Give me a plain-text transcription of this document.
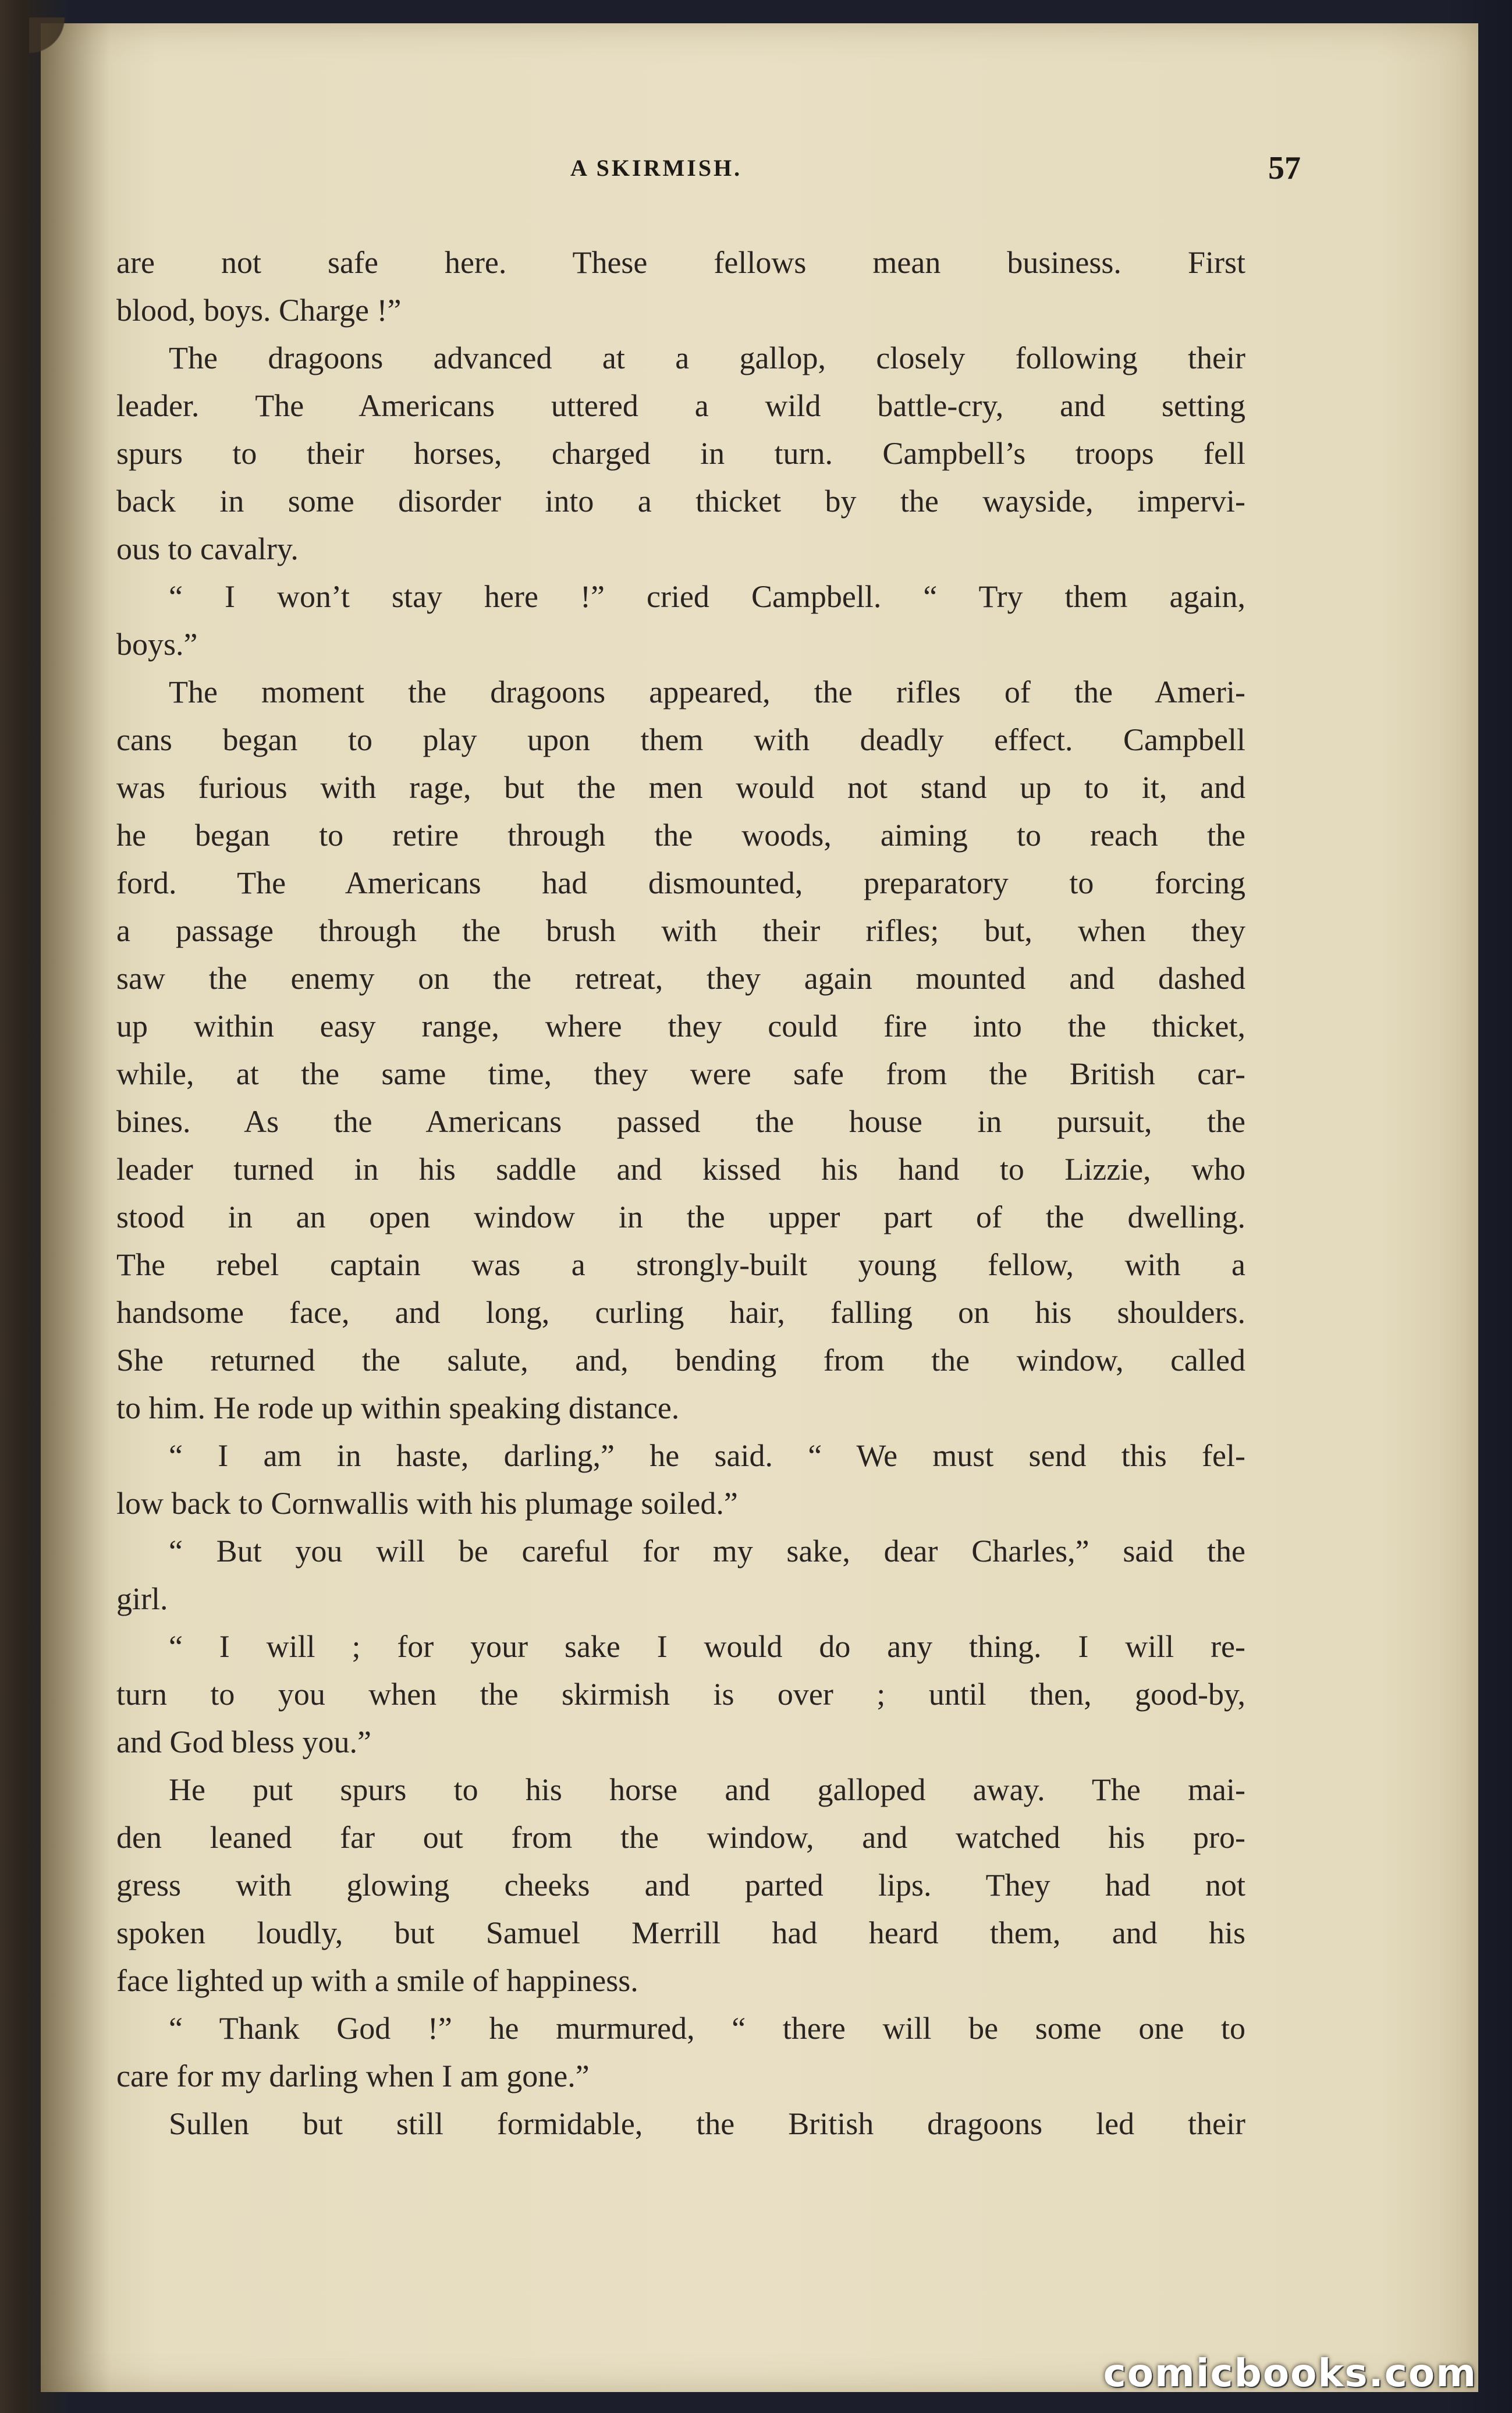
A SKIRMISH.	57
are not safe here. These fellows mean business. First
blood, boys. Charge !”
The dragoons advanced at a gallop, closely following their
leader. The Americans uttered a wild battle-cry, and setting
spurs to their horses, charged in turn. Campbell’s troops fell
back in some disorder into a thicket by the wayside, impervi-
ous to cavalry.
“ I won’t stay here !” cried Campbell. “ Try them again,
boys.”
The moment the dragoons appeared, the rifles of the Ameri-
cans began to play upon them with deadly effect. Campbell
was furious with rage, but the men would not stand up to it, and
he began to retire through the woods, aiming to reach the
ford. The Americans had dismounted, preparatory to forcing
a passage through the brush with their rifles; but, when they
saw the enemy on the retreat, they again mounted and dashed
up within easy range, where they could fire into the thicket,
while, at the same time, they were safe from the British car-
bines. As the Americans passed the house in pursuit, the
leader turned in his saddle and kissed his hand to Lizzie, who
stood in an open window in the upper part of the dwelling.
The rebel captain was a strongly-built young fellow, with a
handsome face, and long, curling hair, falling on his shoulders.
She returned the salute, and, bending from the window, called
to him. He rode up within speaking distance.
“ I am in haste, darling,” he said. “ We must send this fel-
low back to Cornwallis with his plumage soiled.”
“ But you will be careful for my sake, dear Charles,” said the
girl.
“ I will ; for your sake I would do any thing. I will re-
turn to you when the skirmish is over ; until then, good-by,
and God bless you.”
He put spurs to his horse and galloped away. The mai-
den leaned far out from the window, and watched his pro-
gress with glowing cheeks and parted lips. They had not
spoken loudly, but Samuel Merrill had heard them, and his
face lighted up with a smile of happiness.
“ Thank God !” he murmured, “ there will be some one to
care for my darling when I am gone.”
Sullen but still formidable, the British dragoons led their
comicbooks.com
